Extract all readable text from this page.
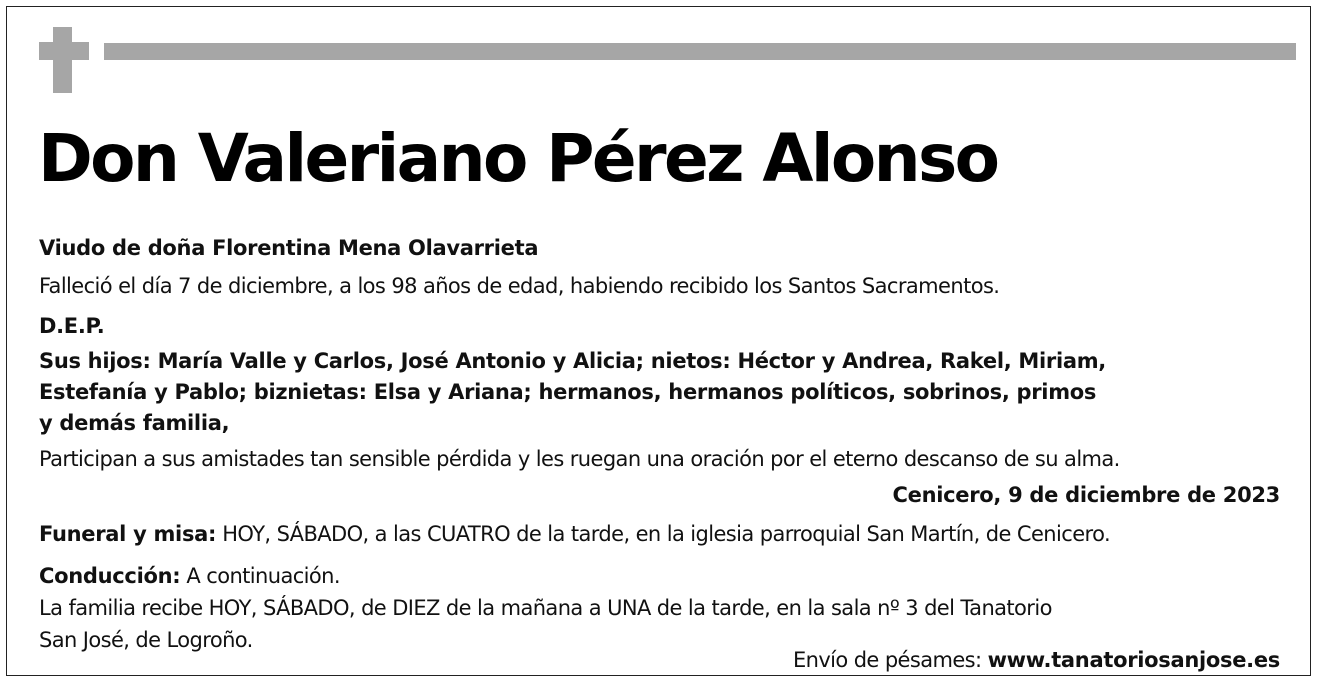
Don Valeriano Pérez Alonso
Viudo de doña Florentina Mena Olavarrieta
Falleció el día 7 de diciembre, a los 98 años de edad, habiendo recibido los Santos Sacramentos.
D.E.P.
Sus hijos: María Valle y Carlos, José Antonio y Alicia; nietos: Héctor y Andrea, Rakel, Miriam,
Estefanía y Pablo; biznietas: Elsa y Ariana; hermanos, hermanos políticos, sobrinos, primos
y demás familia,
Participan a sus amistades tan sensible pérdida y les ruegan una oración por el eterno descanso de su alma.
Cenicero, 9 de diciembre de 2023
Funeral y misa: HOY, SÁBADO, a las CUATRO de la tarde, en la iglesia parroquial San Martín, de Cenicero.
Conducción: A continuación.
La familia recibe HOY, SÁBADO, de DIEZ de la mañana a UNA de la tarde, en la sala nº 3 del Tanatorio
San José, de Logroño.
Envío de pésames: www.tanatoriosanjose.es
